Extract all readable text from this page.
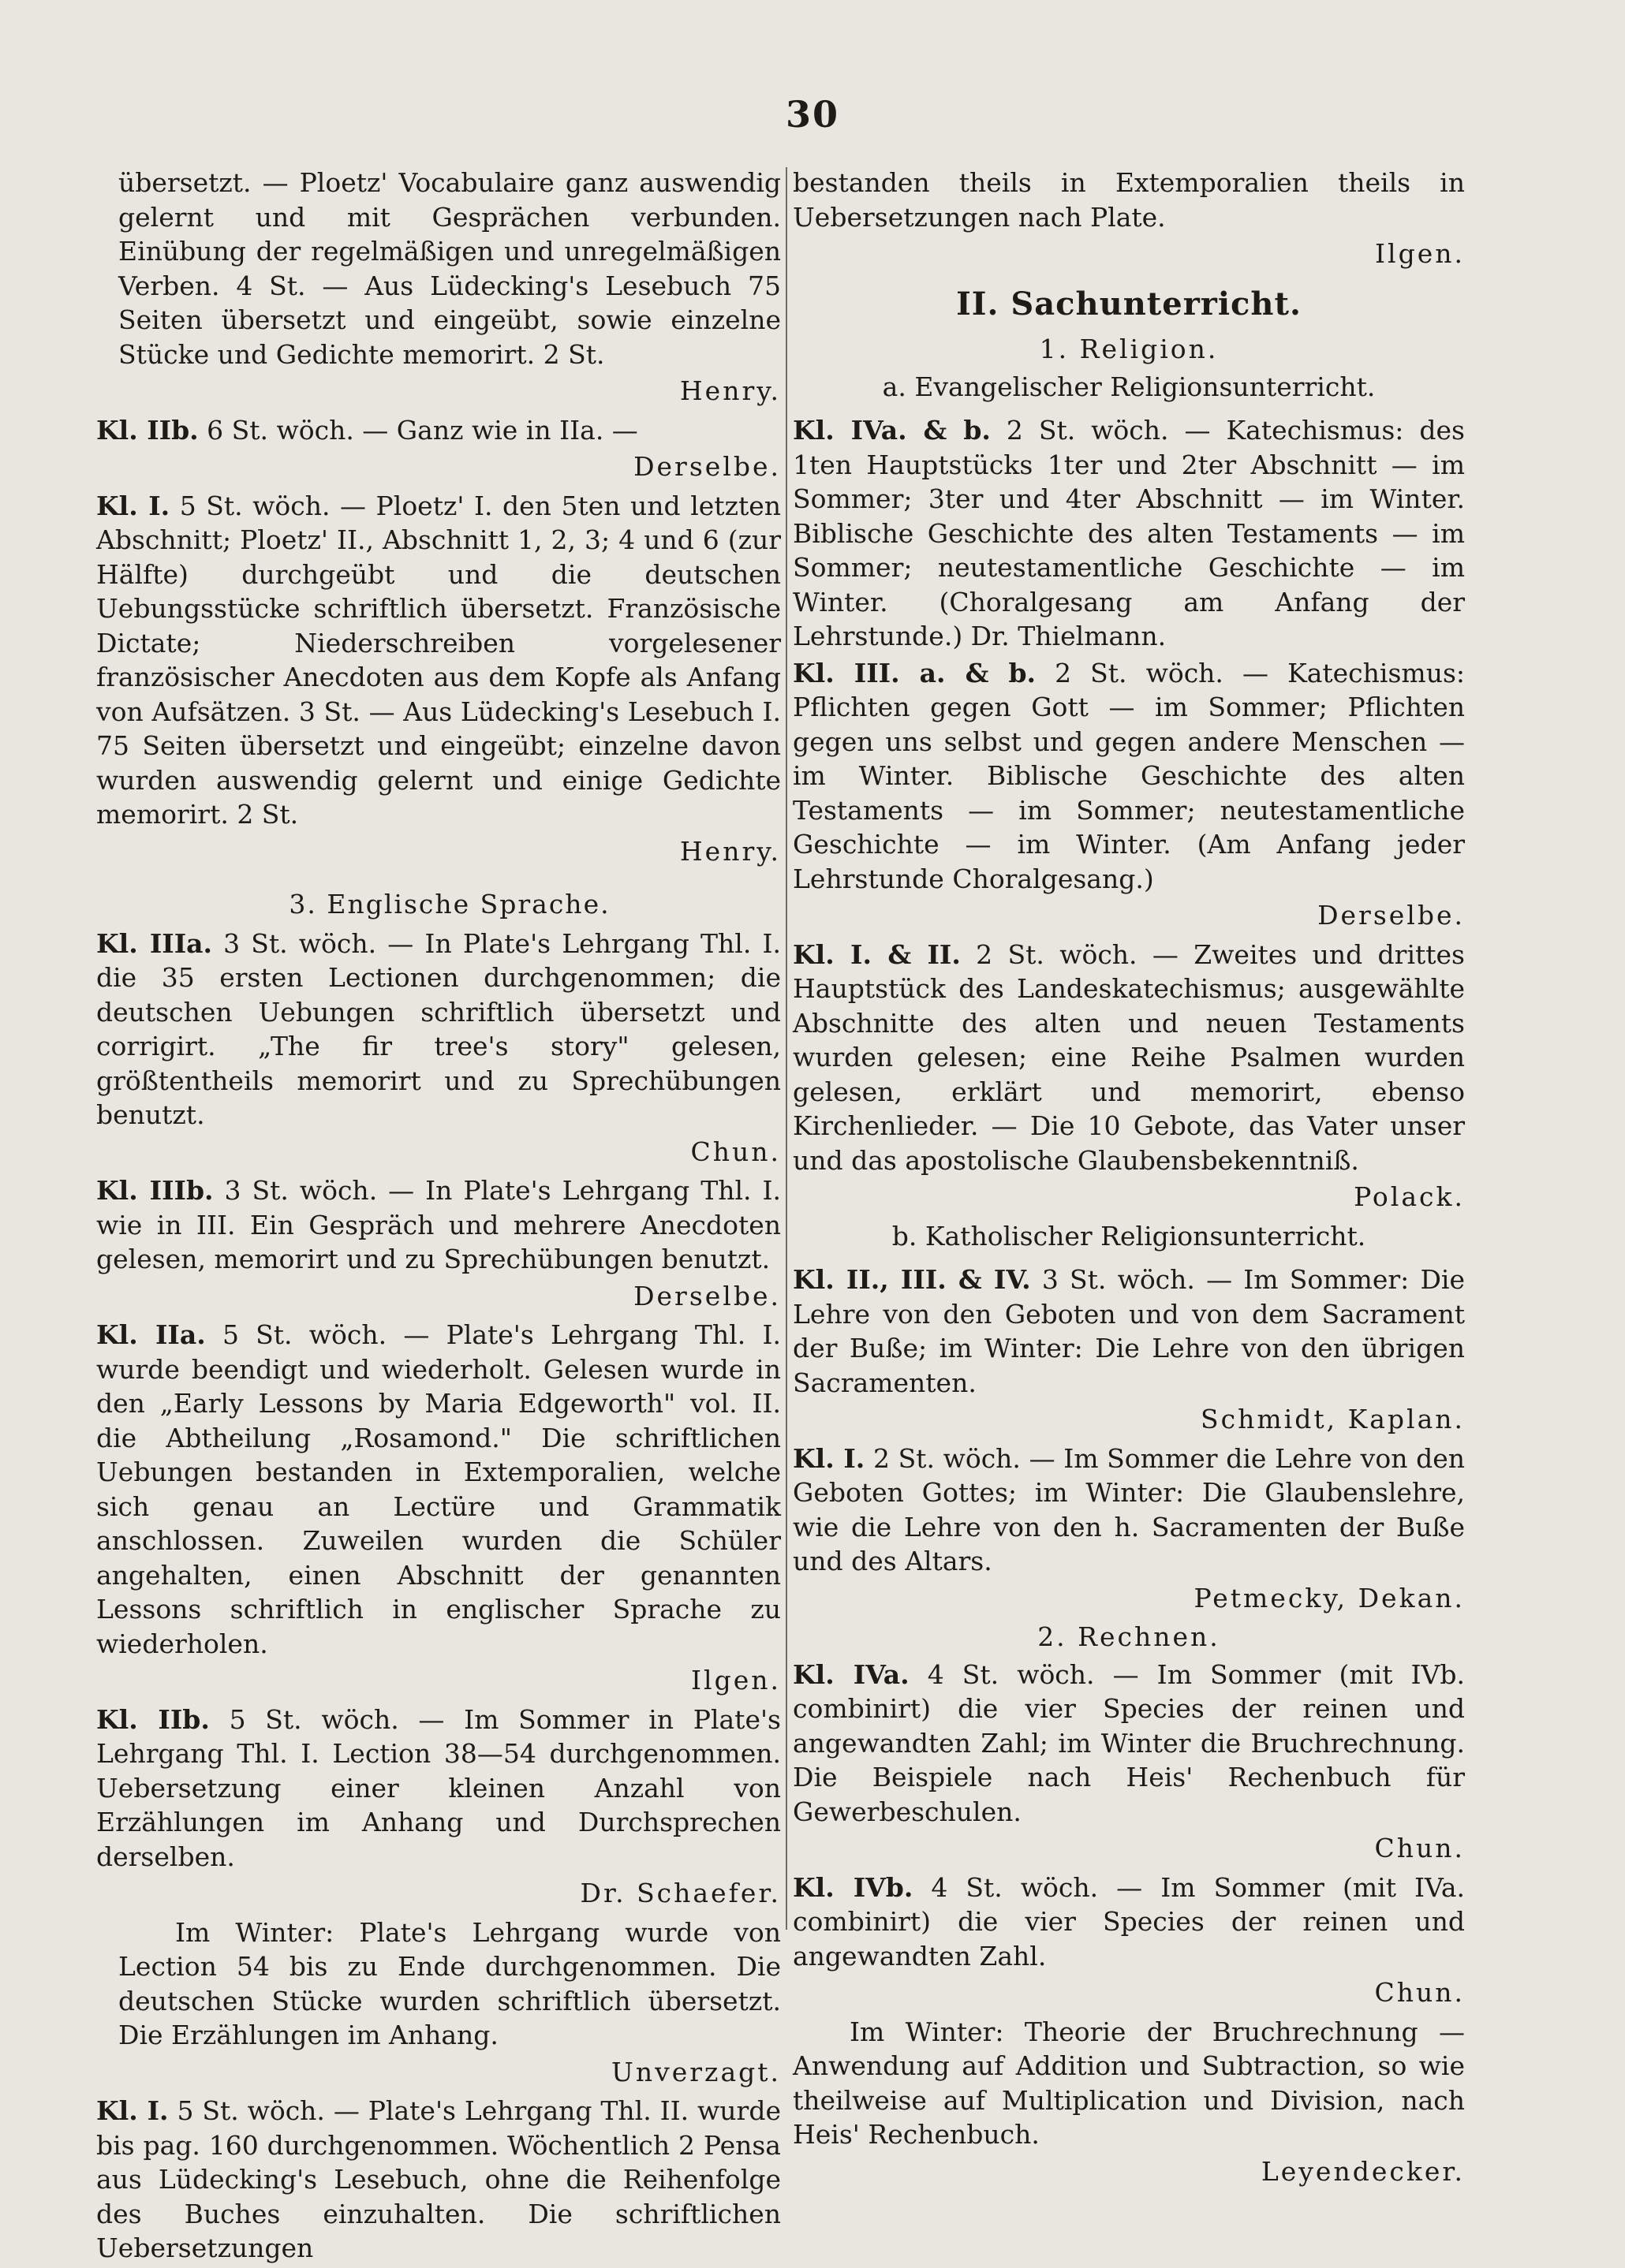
30

übersetzt. — Ploetz' Vocabulaire ganz auswendig gelernt und mit Gesprächen verbunden. Einübung der regelmäßigen und unregelmäßigen Verben. 4 St. — Aus Lüdecking's Lesebuch 75 Seiten übersetzt und eingeübt, sowie einzelne Stücke und Gedichte memorirt. 2 St.

Henry.

Kl. IIb. 6 St. wöch. — Ganz wie in IIa. —

Derselbe.

Kl. I. 5 St. wöch. — Ploetz' I. den 5ten und letzten Abschnitt; Ploetz' II., Abschnitt 1, 2, 3; 4 und 6 (zur Hälfte) durchgeübt und die deutschen Uebungsstücke schriftlich übersetzt. Französische Dictate; Niederschreiben vorgelesener französischer Anecdoten aus dem Kopfe als Anfang von Aufsätzen. 3 St. — Aus Lüdecking's Lesebuch I. 75 Seiten übersetzt und eingeübt; einzelne davon wurden auswendig gelernt und einige Gedichte memorirt. 2 St.

Henry.

3. Englische Sprache.

Kl. IIIa. 3 St. wöch. — In Plate's Lehrgang Thl. I. die 35 ersten Lectionen durchgenommen; die deutschen Uebungen schriftlich übersetzt und corrigirt. „The fir tree's story" gelesen, größtentheils memorirt und zu Sprechübungen benutzt.

Chun.

Kl. IIIb. 3 St. wöch. — In Plate's Lehrgang Thl. I. wie in III. Ein Gespräch und mehrere Anecdoten gelesen, memorirt und zu Sprechübungen benutzt.

Derselbe.

Kl. IIa. 5 St. wöch. — Plate's Lehrgang Thl. I. wurde beendigt und wiederholt. Gelesen wurde in den „Early Lessons by Maria Edgeworth" vol. II. die Abtheilung „Rosamond." Die schriftlichen Uebungen bestanden in Extemporalien, welche sich genau an Lectüre und Grammatik anschlossen. Zuweilen wurden die Schüler angehalten, einen Abschnitt der genannten Lessons schriftlich in englischer Sprache zu wiederholen.

Ilgen.

Kl. IIb. 5 St. wöch. — Im Sommer in Plate's Lehrgang Thl. I. Lection 38—54 durchgenommen. Uebersetzung einer kleinen Anzahl von Erzählungen im Anhang und Durchsprechen derselben.

Dr. Schaefer.

Im Winter: Plate's Lehrgang wurde von Lection 54 bis zu Ende durchgenommen. Die deutschen Stücke wurden schriftlich übersetzt. Die Erzählungen im Anhang.

Unverzagt.

Kl. I. 5 St. wöch. — Plate's Lehrgang Thl. II. wurde bis pag. 160 durchgenommen. Wöchentlich 2 Pensa aus Lüdecking's Lesebuch, ohne die Reihenfolge des Buches einzuhalten. Die schriftlichen Uebersetzungen

bestanden theils in Extemporalien theils in Uebersetzungen nach Plate.

Ilgen.

II. Sachunterricht.

1. Religion.

a. Evangelischer Religionsunterricht.

Kl. IVa. & b. 2 St. wöch. — Katechismus: des 1ten Hauptstücks 1ter und 2ter Abschnitt — im Sommer; 3ter und 4ter Abschnitt — im Winter. Biblische Geschichte des alten Testaments — im Sommer; neutestamentliche Geschichte — im Winter. (Choralgesang am Anfang der Lehrstunde.) Dr. Thielmann.

Kl. III. a. & b. 2 St. wöch. — Katechismus: Pflichten gegen Gott — im Sommer; Pflichten gegen uns selbst und gegen andere Menschen — im Winter. Biblische Geschichte des alten Testaments — im Sommer; neutestamentliche Geschichte — im Winter. (Am Anfang jeder Lehrstunde Choralgesang.)

Derselbe.

Kl. I. & II. 2 St. wöch. — Zweites und drittes Hauptstück des Landeskatechismus; ausgewählte Abschnitte des alten und neuen Testaments wurden gelesen; eine Reihe Psalmen wurden gelesen, erklärt und memorirt, ebenso Kirchenlieder. — Die 10 Gebote, das Vater unser und das apostolische Glaubensbekenntniß.

Polack.

b. Katholischer Religionsunterricht.

Kl. II., III. & IV. 3 St. wöch. — Im Sommer: Die Lehre von den Geboten und von dem Sacrament der Buße; im Winter: Die Lehre von den übrigen Sacramenten.

Schmidt, Kaplan.

Kl. I. 2 St. wöch. — Im Sommer die Lehre von den Geboten Gottes; im Winter: Die Glaubenslehre, wie die Lehre von den h. Sacramenten der Buße und des Altars.

Petmecky, Dekan.

2. Rechnen.

Kl. IVa. 4 St. wöch. — Im Sommer (mit IVb. combinirt) die vier Species der reinen und angewandten Zahl; im Winter die Bruchrechnung. Die Beispiele nach Heis' Rechenbuch für Gewerbeschulen.

Chun.

Kl. IVb. 4 St. wöch. — Im Sommer (mit IVa. combinirt) die vier Species der reinen und angewandten Zahl.

Chun.

Im Winter: Theorie der Bruchrechnung — Anwendung auf Addition und Subtraction, so wie theilweise auf Multiplication und Division, nach Heis' Rechenbuch.

Leyendecker.
